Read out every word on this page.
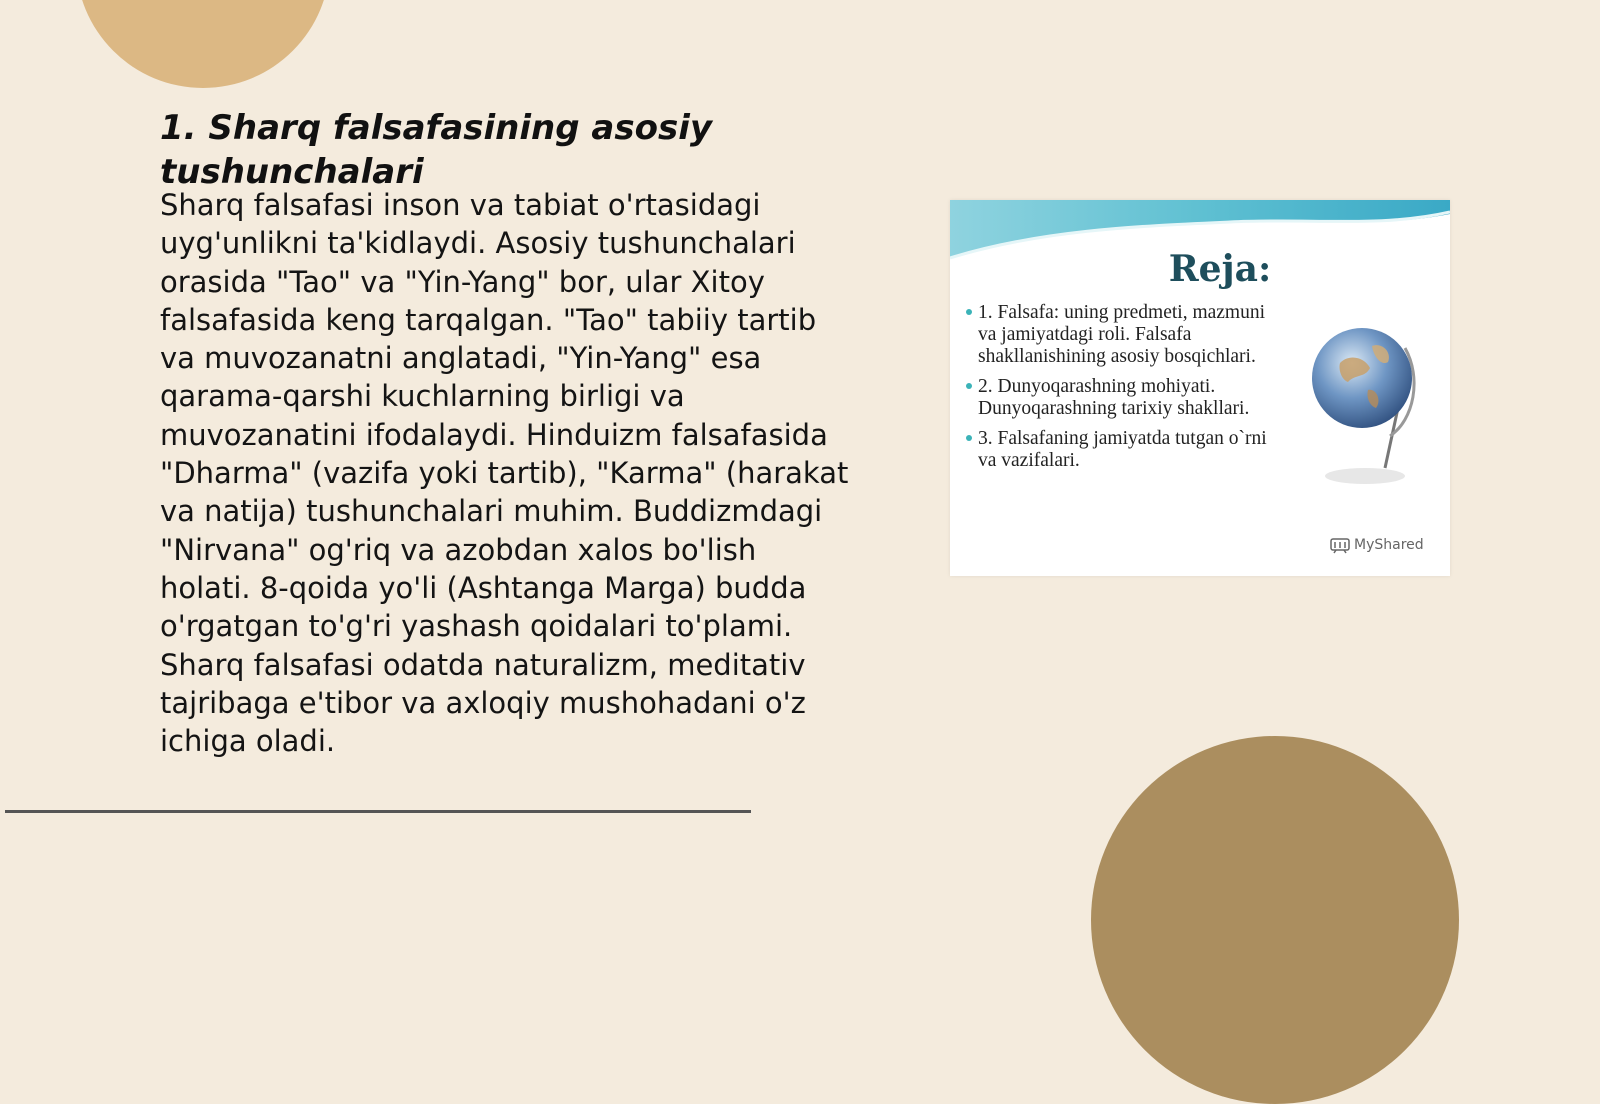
1. Sharq falsafasining asosiy tushunchalari

Sharq falsafasi inson va tabiat o'rtasidagi uyg'unlikni ta'kidlaydi. Asosiy tushunchalari orasida "Tao" va "Yin-Yang" bor, ular Xitoy falsafasida keng tarqalgan. "Tao" tabiiy tartib va muvozanatni anglatadi, "Yin-Yang" esa qarama-qarshi kuchlarning birligi va muvozanatini ifodalaydi. Hinduizm falsafasida "Dharma" (vazifa yoki tartib), "Karma" (harakat va natija) tushunchalari muhim. Buddizmdagi "Nirvana" og'riq va azobdan xalos bo'lish holati. 8-qoida yo'li (Ashtanga Marga) budda o'rgatgan to'g'ri yashash qoidalari to'plami. Sharq falsafasi odatda naturalizm, meditativ tajribaga e'tibor va axloqiy mushohadani o'z ichiga oladi.

Reja:
1. Falsafa: uning predmeti, mazmuni va jamiyatdagi roli. Falsafa shakllanishining asosiy bosqichlari.
2. Dunyoqarashning mohiyati. Dunyoqarashning tarixiy shakllari.
3. Falsafaning jamiyatda tutgan o`rni va vazifalari.
MyShared
